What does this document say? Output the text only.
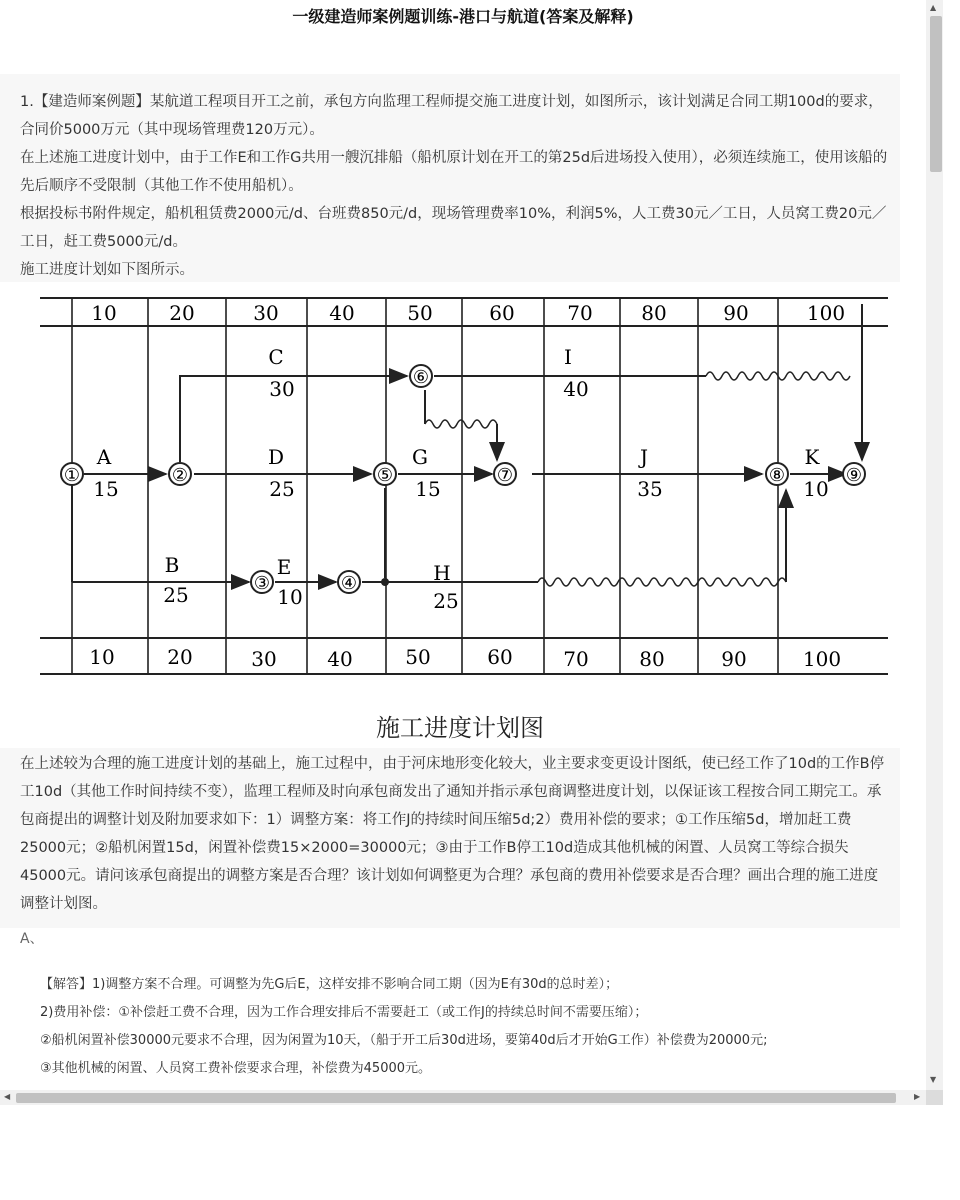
一级建造师案例题训练-港口与航道(答案及解释)
1.【建造师案例题】某航道工程项目开工之前，承包方向监理工程师提交施工进度计划，如图所示，该计划满足合同工期100d的要求，合同价5000万元（其中现场管理费120万元）。
在上述施工进度计划中，由于工作E和工作G共用一艘沉排船（船机原计划在开工的第25d后进场投入使用），必须连续施工，使用该船的先后顺序不受限制（其他工作不使用船机）。
根据投标书附件规定，船机租赁费2000元/d、台班费850元/d，现场管理费率10%，利润5%，人工费30元／工日，人员窝工费20元／工日，赶工费5000元/d。
施工进度计划如下图所示。
10	20	30	40	50	60	70 80	90	100
10	20	30	40	50	60	70	80	90	100
①	②
③	④
⑤
⑥
⑦	⑧	⑨
A
15
C
30
D
25
I
40
G
15
J
35
K
10
B
25
E
10
H
25
施工进度计划图
在上述较为合理的施工进度计划的基础上，施工过程中，由于河床地形变化较大，业主要求变更设计图纸，使已经工作了10d的工作B停工10d（其他工作时间持续不变），监理工程师及时向承包商发出了通知并指示承包商调整进度计划，以保证该工程按合同工期完工。承包商提出的调整计划及附加要求如下：1）调整方案：将工作J的持续时间压缩5d;2）费用补偿的要求；①工作压缩5d，增加赶工费25000元；②船机闲置15d，闲置补偿费15×2000=30000元；③由于工作B停工10d造成其他机械的闲置、人员窝工等综合损失45000元。请问该承包商提出的调整方案是否合理？该计划如何调整更为合理？承包商的费用补偿要求是否合理？画出合理的施工进度调整计划图。
A、
【解答】1)调整方案不合理。可调整为先G后E，这样安排不影响合同工期（因为E有30d的总时差）；
2)费用补偿：①补偿赶工费不合理，因为工作合理安排后不需要赶工（或工作J的持续总时间不需要压缩）；
②船机闲置补偿30000元要求不合理，因为闲置为10天，（船于开工后30d进场，要第40d后才开始G工作）补偿费为20000元;
③其他机械的闲置、人员窝工费补偿要求合理，补偿费为45000元。
▲
▼
◀	▶
